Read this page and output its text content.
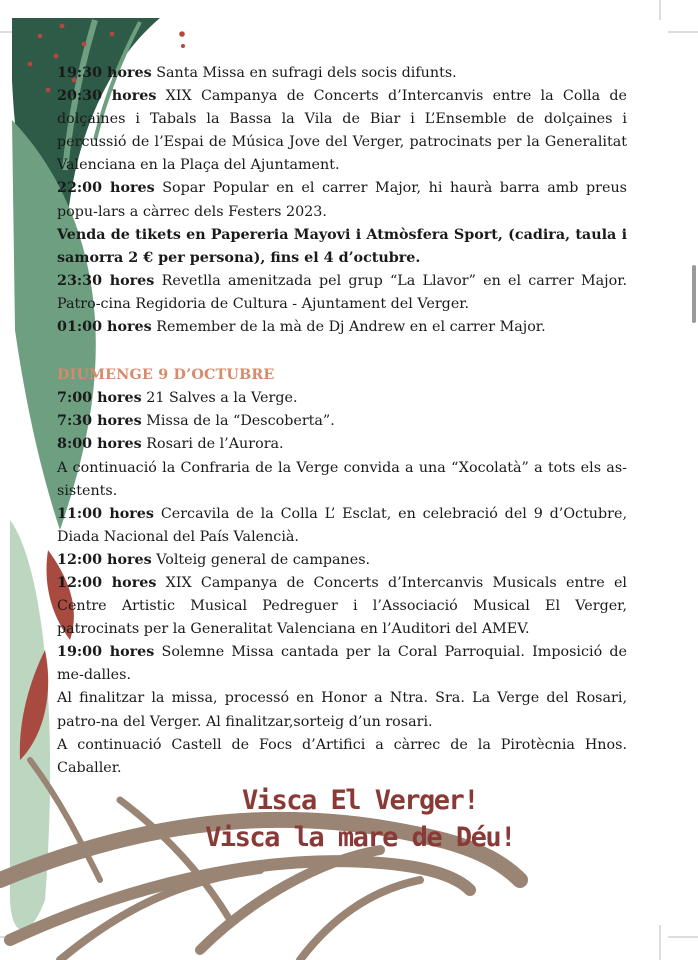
19:30 hores Santa Missa en sufragi dels socis difunts.

20:30 hores XIX Campanya de Concerts d’Intercanvis entre la Colla de dolçaines i Tabals la Bassa la Vila de Biar i L’Ensemble de dolçaines i percussió de l’Espai de Música Jove del Verger, patrocinats per la Generalitat Valenciana en la Plaça del Ajuntament.

22:00 hores Sopar Popular en el carrer Major, hi haurà barra amb preus popu-lars a càrrec dels Festers 2023.

Venda de tikets en Papereria Mayovi i Atmòsfera Sport, (cadira, taula i samorra 2 € per persona), fins el 4 d’octubre.

23:30 hores Revetlla amenitzada pel grup “La Llavor” en el carrer Major. Patro-cina Regidoria de Cultura - Ajuntament del Verger.

01:00 hores Remember de la mà de Dj Andrew en el carrer Major.

DIUMENGE 9 D’OCTUBRE

7:00 hores 21 Salves a la Verge.

7:30 hores Missa de la “Descoberta”.

8:00 hores Rosari de l’Aurora.

A continuació la Confraria de la Verge convida a una “Xocolatà” a tots els as-sistents.

11:00 hores Cercavila de la Colla L’ Esclat, en celebració del 9 d’Octubre, Diada Nacional del País Valencià.

12:00 hores Volteig general de campanes.

12:00 hores XIX Campanya de Concerts d’Intercanvis Musicals entre el Centre Artistic Musical Pedreguer i l’Associació Musical El Verger, patrocinats per la Generalitat Valenciana en l’Auditori del AMEV.

19:00 hores Solemne Missa cantada per la Coral Parroquial. Imposició de me-dalles.

Al finalitzar la missa, processó en Honor a Ntra. Sra. La Verge del Rosari, patro-na del Verger. Al finalitzar,sorteig d’un rosari.

A continuació Castell de Focs d’Artifici a càrrec de la Pirotècnia Hnos. Caballer.

Visca El Verger!
Visca la mare de Déu!
